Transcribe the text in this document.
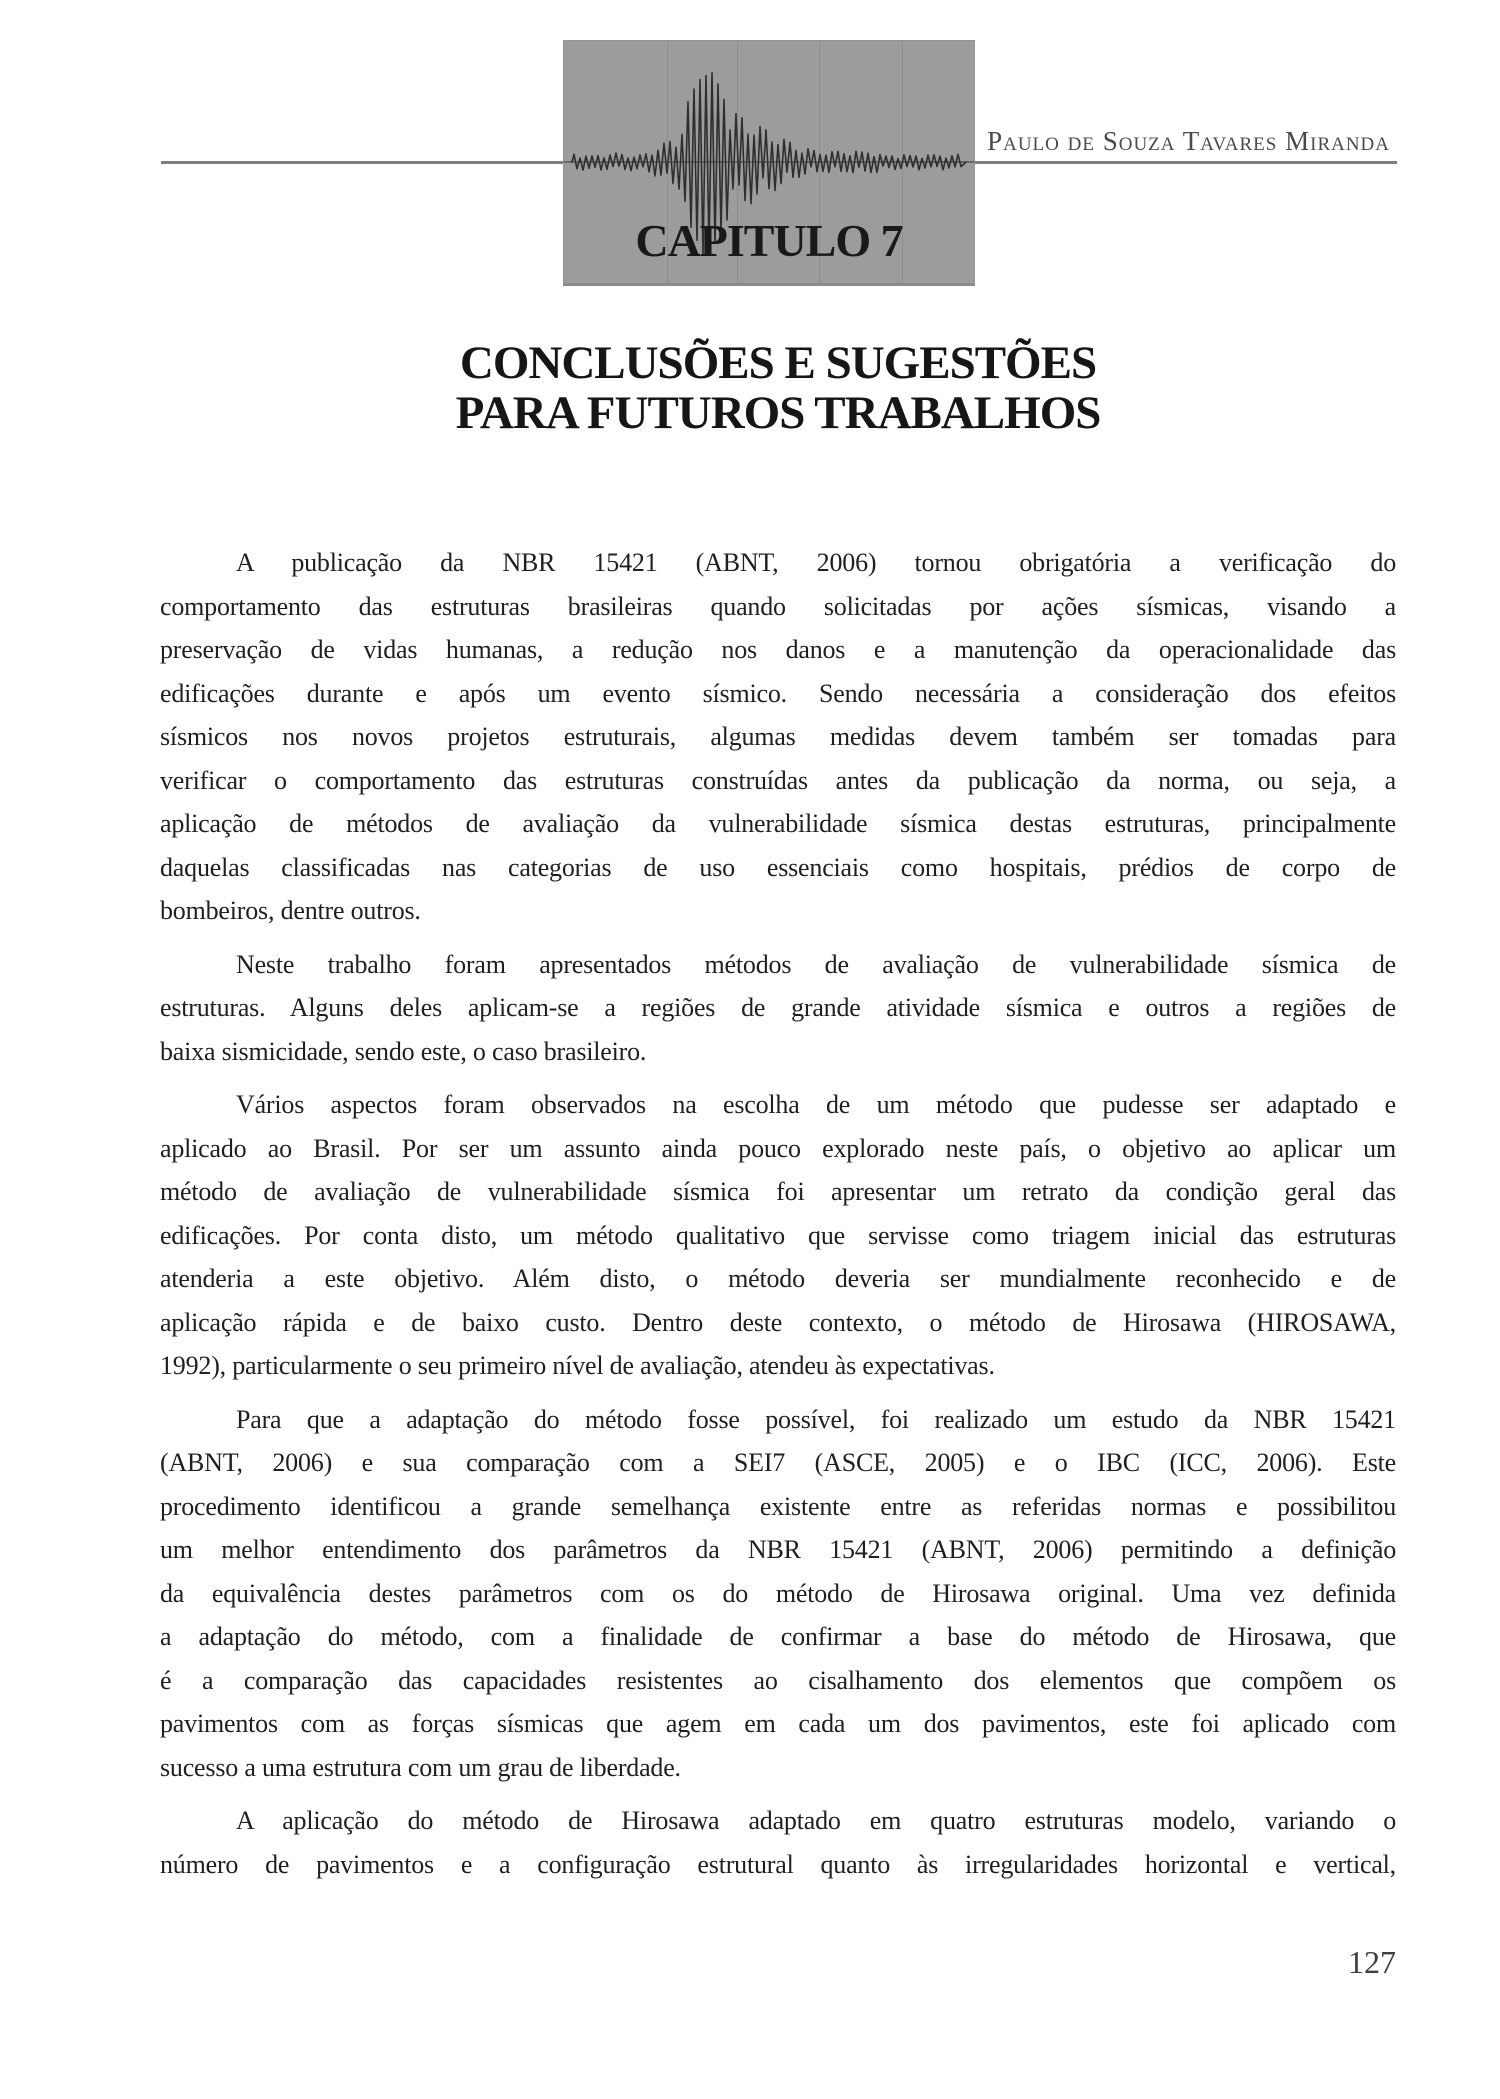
Paulo de Souza Tavares Miranda
CAPITULO 7
CONCLUSÕES E SUGESTÕES
PARA FUTUROS TRABALHOS
A publicação da NBR 15421 (ABNT, 2006) tornou obrigatória a verificação do
comportamento das estruturas brasileiras quando solicitadas por ações sísmicas, visando a
preservação de vidas humanas, a redução nos danos e a manutenção da operacionalidade das
edificações durante e após um evento sísmico. Sendo necessária a consideração dos efeitos
sísmicos nos novos projetos estruturais, algumas medidas devem também ser tomadas para
verificar o comportamento das estruturas construídas antes da publicação da norma, ou seja, a
aplicação de métodos de avaliação da vulnerabilidade sísmica destas estruturas, principalmente
daquelas classificadas nas categorias de uso essenciais como hospitais, prédios de corpo de
bombeiros, dentre outros.
Neste trabalho foram apresentados métodos de avaliação de vulnerabilidade sísmica de
estruturas. Alguns deles aplicam-se a regiões de grande atividade sísmica e outros a regiões de
baixa sismicidade, sendo este, o caso brasileiro.
Vários aspectos foram observados na escolha de um método que pudesse ser adaptado e
aplicado ao Brasil. Por ser um assunto ainda pouco explorado neste país, o objetivo ao aplicar um
método de avaliação de vulnerabilidade sísmica foi apresentar um retrato da condição geral das
edificações. Por conta disto, um método qualitativo que servisse como triagem inicial das estruturas
atenderia a este objetivo. Além disto, o método deveria ser mundialmente reconhecido e de
aplicação rápida e de baixo custo. Dentro deste contexto, o método de Hirosawa (HIROSAWA,
1992), particularmente o seu primeiro nível de avaliação, atendeu às expectativas.
Para que a adaptação do método fosse possível, foi realizado um estudo da NBR 15421
(ABNT, 2006) e sua comparação com a SEI7 (ASCE, 2005) e o IBC (ICC, 2006). Este
procedimento identificou a grande semelhança existente entre as referidas normas e possibilitou
um melhor entendimento dos parâmetros da NBR 15421 (ABNT, 2006) permitindo a definição
da equivalência destes parâmetros com os do método de Hirosawa original. Uma vez definida
a adaptação do método, com a finalidade de confirmar a base do método de Hirosawa, que
é a comparação das capacidades resistentes ao cisalhamento dos elementos que compõem os
pavimentos com as forças sísmicas que agem em cada um dos pavimentos, este foi aplicado com
sucesso a uma estrutura com um grau de liberdade.
A aplicação do método de Hirosawa adaptado em quatro estruturas modelo, variando o
número de pavimentos e a configuração estrutural quanto às irregularidades horizontal e vertical,
127
